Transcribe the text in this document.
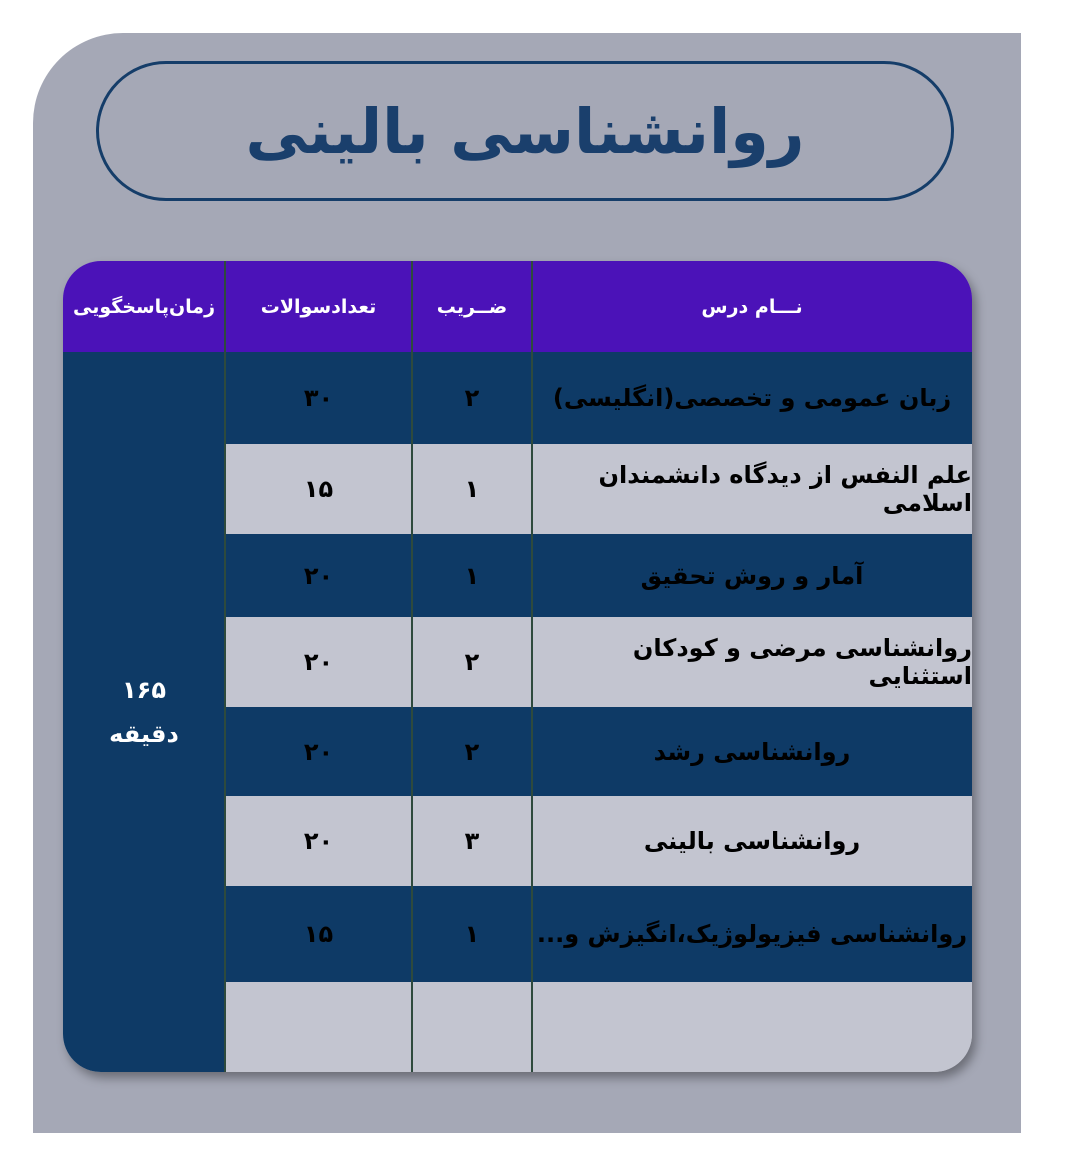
روانشناسی بالینی
نـــام درس
ضــریب
تعدادسوالات
زمان‌پاسخگویی
۱۶۵
دقیقه
زبان عمومی و تخصصی(انگلیسی)
۲
۳۰
علم النفس از دیدگاه دانشمندان اسلامی
۱
۱۵
آمار و روش تحقیق
۱
۲۰
روانشناسی مرضی و کودکان استثنایی
۲
۲۰
روانشناسی رشد
۲
۲۰
روانشناسی بالینی
۳
۲۰
روانشناسی فیزیولوژیک،انگیزش و...
۱
۱۵
